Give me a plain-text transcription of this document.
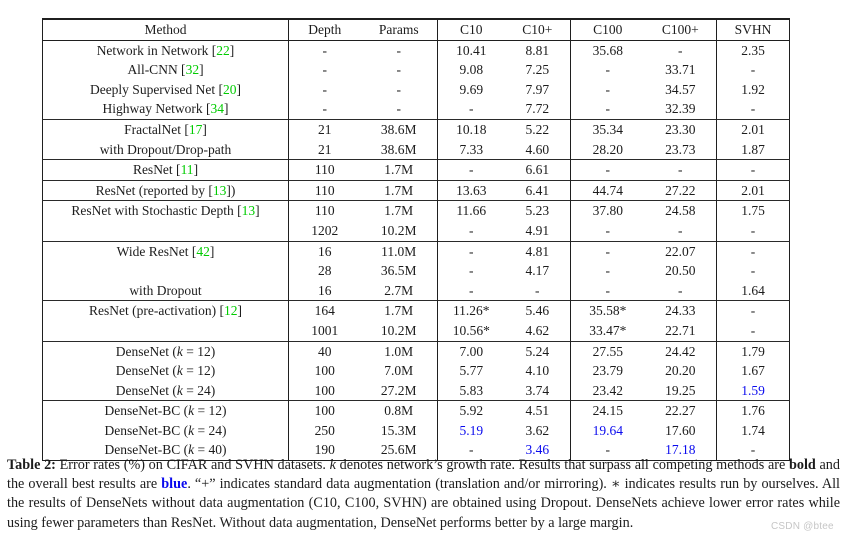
Method	Depth	Params	C10	C10+	C100	C100+	SVHN
Network in Network [22]	-	-	10.41	8.81	35.68	-	2.35
All-CNN [32]	-	-	9.08	7.25	-	33.71	-
Deeply Supervised Net [20]	-	-	9.69	7.97	-	34.57	1.92
Highway Network [34]	-	-	-	7.72	-	32.39	-
FractalNet [17]	21	38.6M	10.18	5.22	35.34	23.30	2.01
with Dropout/Drop-path	21	38.6M	7.33	4.60	28.20	23.73	1.87
ResNet [11]	110	1.7M	-	6.61	-	-	-
ResNet (reported by [13])	110	1.7M	13.63	6.41	44.74	27.22	2.01
ResNet with Stochastic Depth [13]	110	1.7M	11.66	5.23	37.80	24.58	1.75
	1202	10.2M	-	4.91	-	-	-
Wide ResNet [42]	16	11.0M	-	4.81	-	22.07	-
	28	36.5M	-	4.17	-	20.50	-
with Dropout	16	2.7M	-	-	-	-	1.64
ResNet (pre-activation) [12]	164	1.7M	11.26*	5.46	35.58*	24.33	-
	1001	10.2M	10.56*	4.62	33.47*	22.71	-
DenseNet (k = 12)	40	1.0M	7.00	5.24	27.55	24.42	1.79
DenseNet (k = 12)	100	7.0M	5.77	4.10	23.79	20.20	1.67
DenseNet (k = 24)	100	27.2M	5.83	3.74	23.42	19.25	1.59
DenseNet-BC (k = 12)	100	0.8M	5.92	4.51	24.15	22.27	1.76
DenseNet-BC (k = 24)	250	15.3M	5.19	3.62	19.64	17.60	1.74
DenseNet-BC (k = 40)	190	25.6M	-	3.46	-	17.18	-

Table 2: Error rates (%) on CIFAR and SVHN datasets. k denotes network’s growth rate. Results that surpass all competing methods are bold and the overall best results are blue. “+” indicates standard data augmentation (translation and/or mirroring). ∗ indicates results run by ourselves. All the results of DenseNets without data augmentation (C10, C100, SVHN) are obtained using Dropout. DenseNets achieve lower error rates while using fewer parameters than ResNet. Without data augmentation, DenseNet performs better by a large margin.	CSDN @btee
